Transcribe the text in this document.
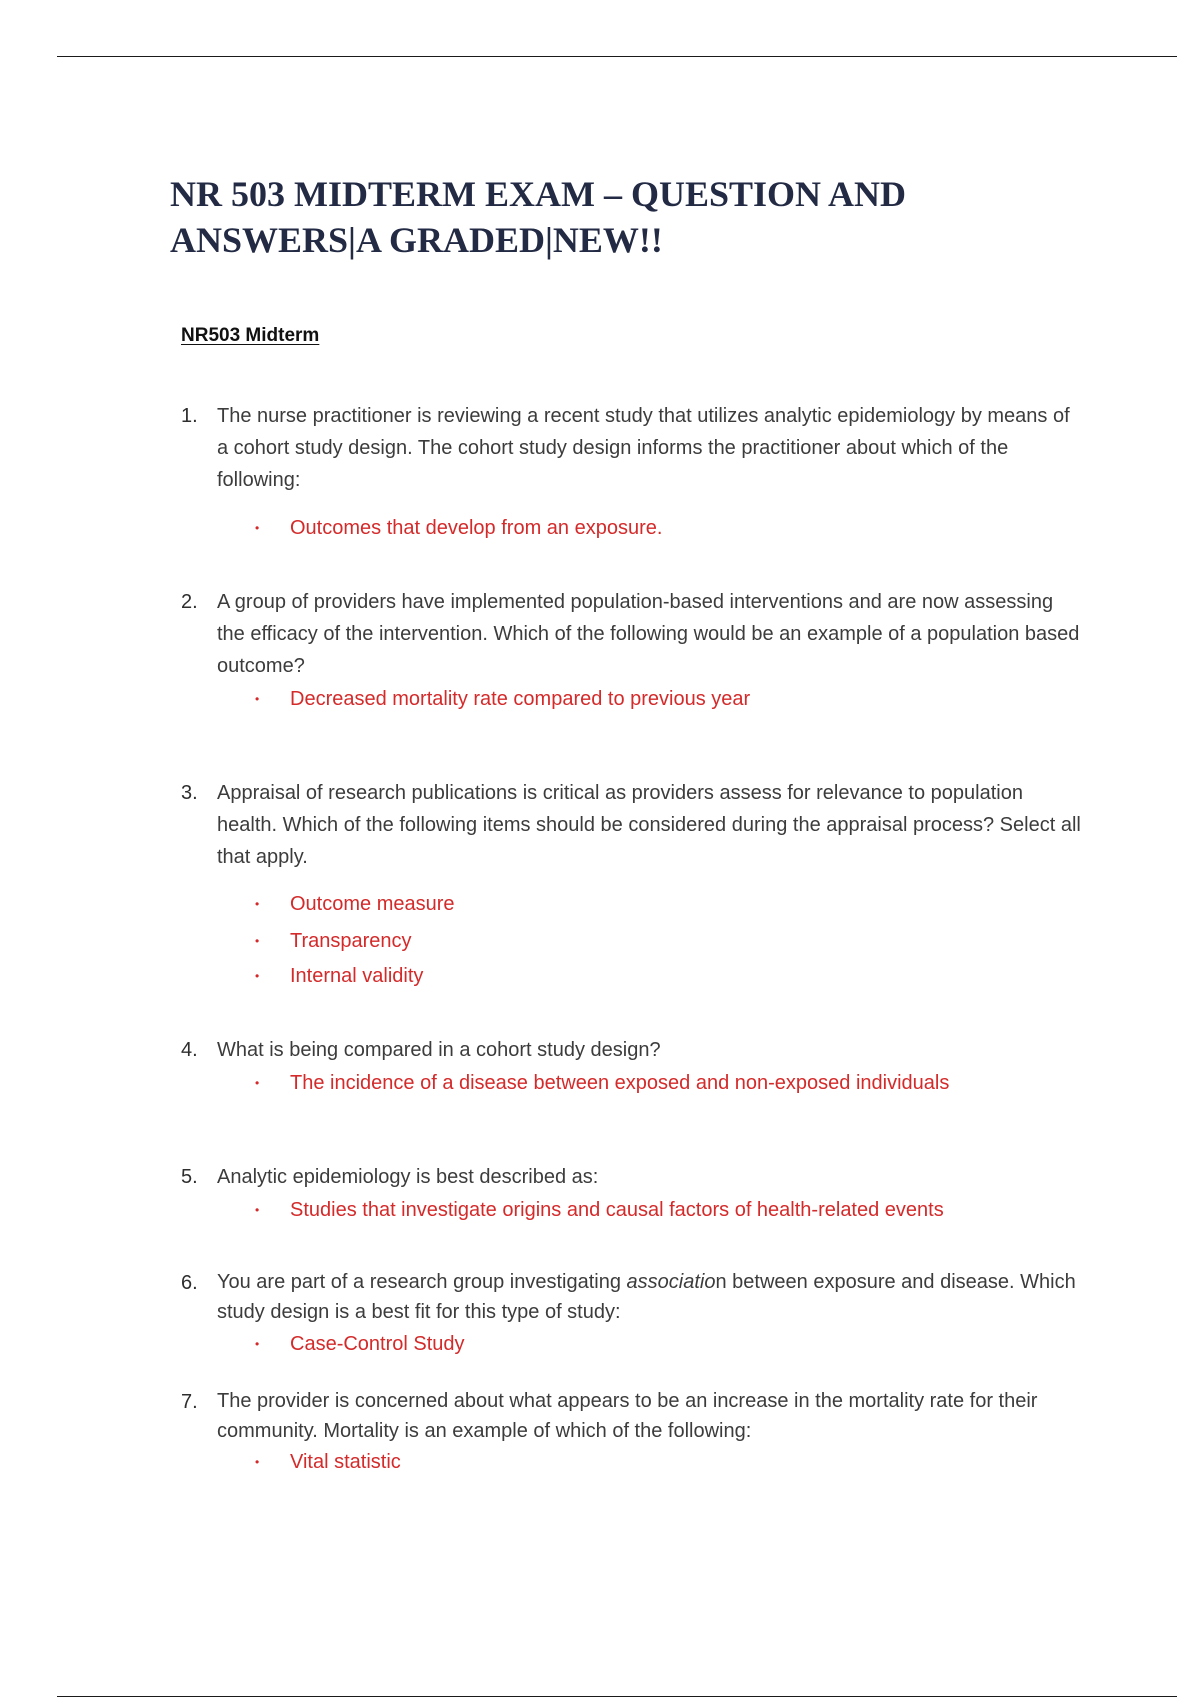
NR 503 MIDTERM EXAM – QUESTION AND ANSWERS|A GRADED|NEW!!
NR503 Midterm
1. The nurse practitioner is reviewing a recent study that utilizes analytic epidemiology by means of a cohort study design. The cohort study design informs the practitioner about which of the following:
• Outcomes that develop from an exposure.
2. A group of providers have implemented population-based interventions and are now assessing the efficacy of the intervention. Which of the following would be an example of a population based outcome?
• Decreased mortality rate compared to previous year
3. Appraisal of research publications is critical as providers assess for relevance to population health. Which of the following items should be considered during the appraisal process? Select all that apply.
• Outcome measure
• Transparency
• Internal validity
4. What is being compared in a cohort study design?
• The incidence of a disease between exposed and non-exposed individuals
5. Analytic epidemiology is best described as:
• Studies that investigate origins and causal factors of health-related events
6. You are part of a research group investigating association between exposure and disease. Which study design is a best fit for this type of study:
• Case-Control Study
7. The provider is concerned about what appears to be an increase in the mortality rate for their community. Mortality is an example of which of the following:
• Vital statistic
